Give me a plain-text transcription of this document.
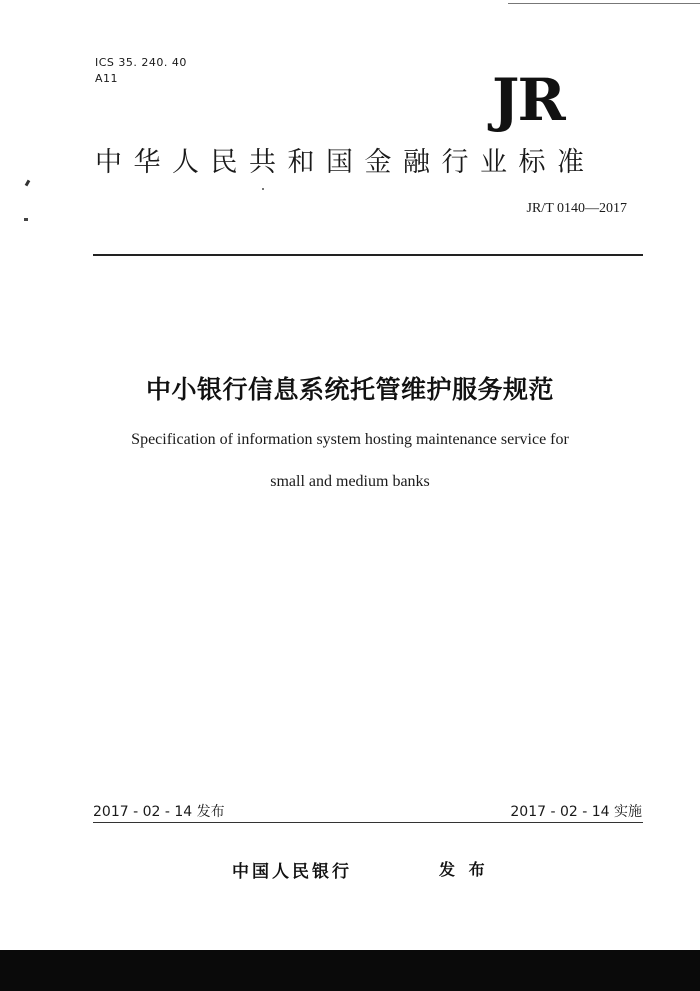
ICS 35. 240. 40
A11	JR
中华人民共和国金融行业标准
JR/T 0140—2017
中小银行信息系统托管维护服务规范
Specification of information system hosting maintenance service for
small and medium banks
2017 - 02 - 14 发布	2017 - 02 - 14 实施
中国人民银行	发 布
